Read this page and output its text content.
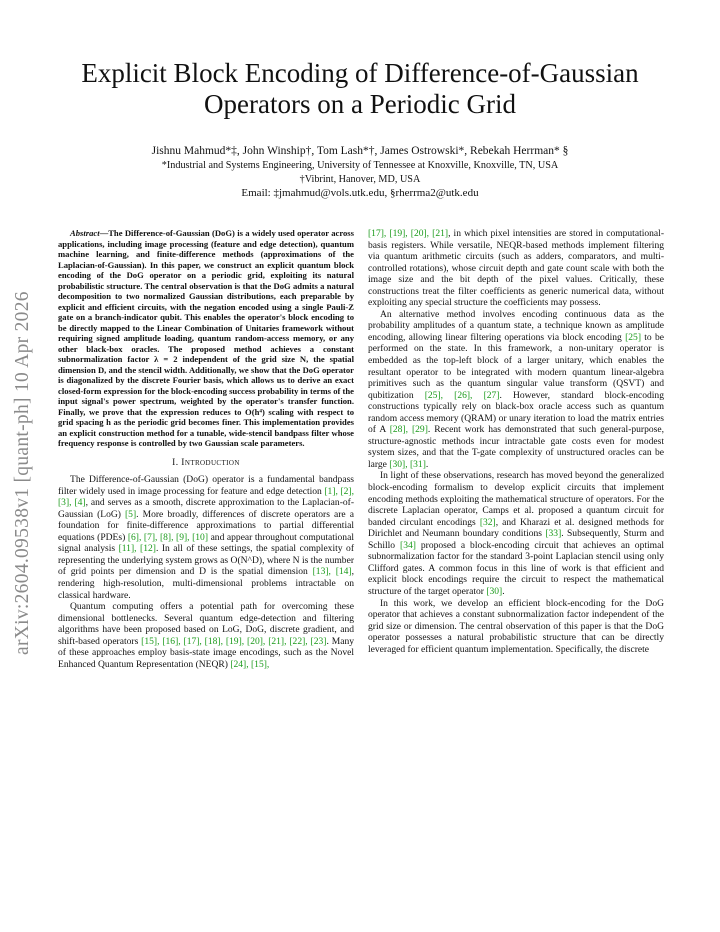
arXiv:2604.09538v1 [quant-ph] 10 Apr 2026
Explicit Block Encoding of Difference-of-Gaussian Operators on a Periodic Grid

Jishnu Mahmud*‡, John Winship†, Tom Lash*†, James Ostrowski*, Rebekah Herrman* §

*Industrial and Systems Engineering, University of Tennessee at Knoxville, Knoxville, TN, USA

†Vibrint, Hanover, MD, USA

Email: ‡jmahmud@vols.utk.edu, §rherrma2@utk.edu

Abstract—The Difference-of-Gaussian (DoG) is a widely used operator across applications, including image processing (feature and edge detection), quantum machine learning, and finite-difference methods (approximations of the Laplacian-of-Gaussian). In this paper, we construct an explicit quantum block encoding of the DoG operator on a periodic grid, exploiting its natural probabilistic structure. The central observation is that the DoG admits a natural decomposition to two normalized Gaussian distributions, each preparable by explicit and efficient circuits, with the negation encoded using a single Pauli-Z gate on a branch-indicator qubit. This enables the operator's block encoding to be directly mapped to the Linear Combination of Unitaries framework without requiring signed amplitude loading, quantum random-access memory, or any other black-box oracles. The proposed method achieves a constant subnormalization factor λ = 2 independent of the grid size N, the spatial dimension D, and the stencil width. Additionally, we show that the DoG operator is diagonalized by the discrete Fourier basis, which allows us to derive an exact closed-form expression for the block-encoding success probability in terms of the input signal's power spectrum, weighted by the operator's transfer function. Finally, we prove that the expression reduces to O(h⁴) scaling with respect to grid spacing h as the periodic grid becomes finer. This implementation provides an explicit construction method for a tunable, wide-stencil bandpass filter whose frequency response is controlled by two Gaussian scale parameters.

I. Introduction

The Difference-of-Gaussian (DoG) operator is a fundamental bandpass filter widely used in image processing for feature and edge detection [1], [2], [3], [4], and serves as a smooth, discrete approximation to the Laplacian-of-Gaussian (LoG) [5]. More broadly, differences of discrete operators are a foundation for finite-difference approximations to partial differential equations (PDEs) [6], [7], [8], [9], [10] and appear throughout computational signal analysis [11], [12]. In all of these settings, the spatial complexity of representing the underlying system grows as O(N^D), where N is the number of grid points per dimension and D is the spatial dimension [13], [14], rendering high-resolution, multi-dimensional problems intractable on classical hardware.

Quantum computing offers a potential path for overcoming these dimensional bottlenecks. Several quantum edge-detection and filtering algorithms have been proposed based on LoG, DoG, discrete gradient, and shift-based operators [15], [16], [17], [18], [19], [20], [21], [22], [23]. Many of these approaches employ basis-state image encodings, such as the Novel Enhanced Quantum Representation (NEQR) [24], [15],

[17], [19], [20], [21], in which pixel intensities are stored in computational-basis registers. While versatile, NEQR-based methods implement filtering via quantum arithmetic circuits (such as adders, comparators, and multi-controlled rotations), whose circuit depth and gate count scale with both the image size and the bit depth of the pixel values. Critically, these constructions treat the filter coefficients as generic numerical data, without exploiting any special structure the coefficients may possess.

An alternative method involves encoding continuous data as the probability amplitudes of a quantum state, a technique known as amplitude encoding, allowing linear filtering operations via block encoding [25] to be performed on the state. In this framework, a non-unitary operator is embedded as the top-left block of a larger unitary, which enables the resultant operator to be integrated with modern quantum linear-algebra primitives such as the quantum singular value transform (QSVT) and qubitization [25], [26], [27]. However, standard block-encoding constructions typically rely on black-box oracle access such as quantum random access memory (QRAM) or unary iteration to load the matrix entries of A [28], [29]. Recent work has demonstrated that such general-purpose, structure-agnostic methods incur intractable gate costs even for modest system sizes, and that the T-gate complexity of unstructured oracles can be large [30], [31].

In light of these observations, research has moved beyond the generalized block-encoding formalism to develop explicit circuits that implement encoding methods exploiting the mathematical structure of operators. For the discrete Laplacian operator, Camps et al. proposed a quantum circuit for banded circulant encodings [32], and Kharazi et al. designed methods for Dirichlet and Neumann boundary conditions [33]. Subsequently, Sturm and Schillo [34] proposed a block-encoding circuit that achieves an optimal subnormalization factor for the standard 3-point Laplacian stencil using only Clifford gates. A common focus in this line of work is that efficient and explicit block encodings require the circuit to respect the mathematical structure of the target operator [30].

In this work, we develop an efficient block-encoding for the DoG operator that achieves a constant subnormalization factor independent of the grid size or dimension. The central observation of this paper is that the DoG operator possesses a natural probabilistic structure that can be directly leveraged for efficient quantum implementation. Specifically, the discrete
